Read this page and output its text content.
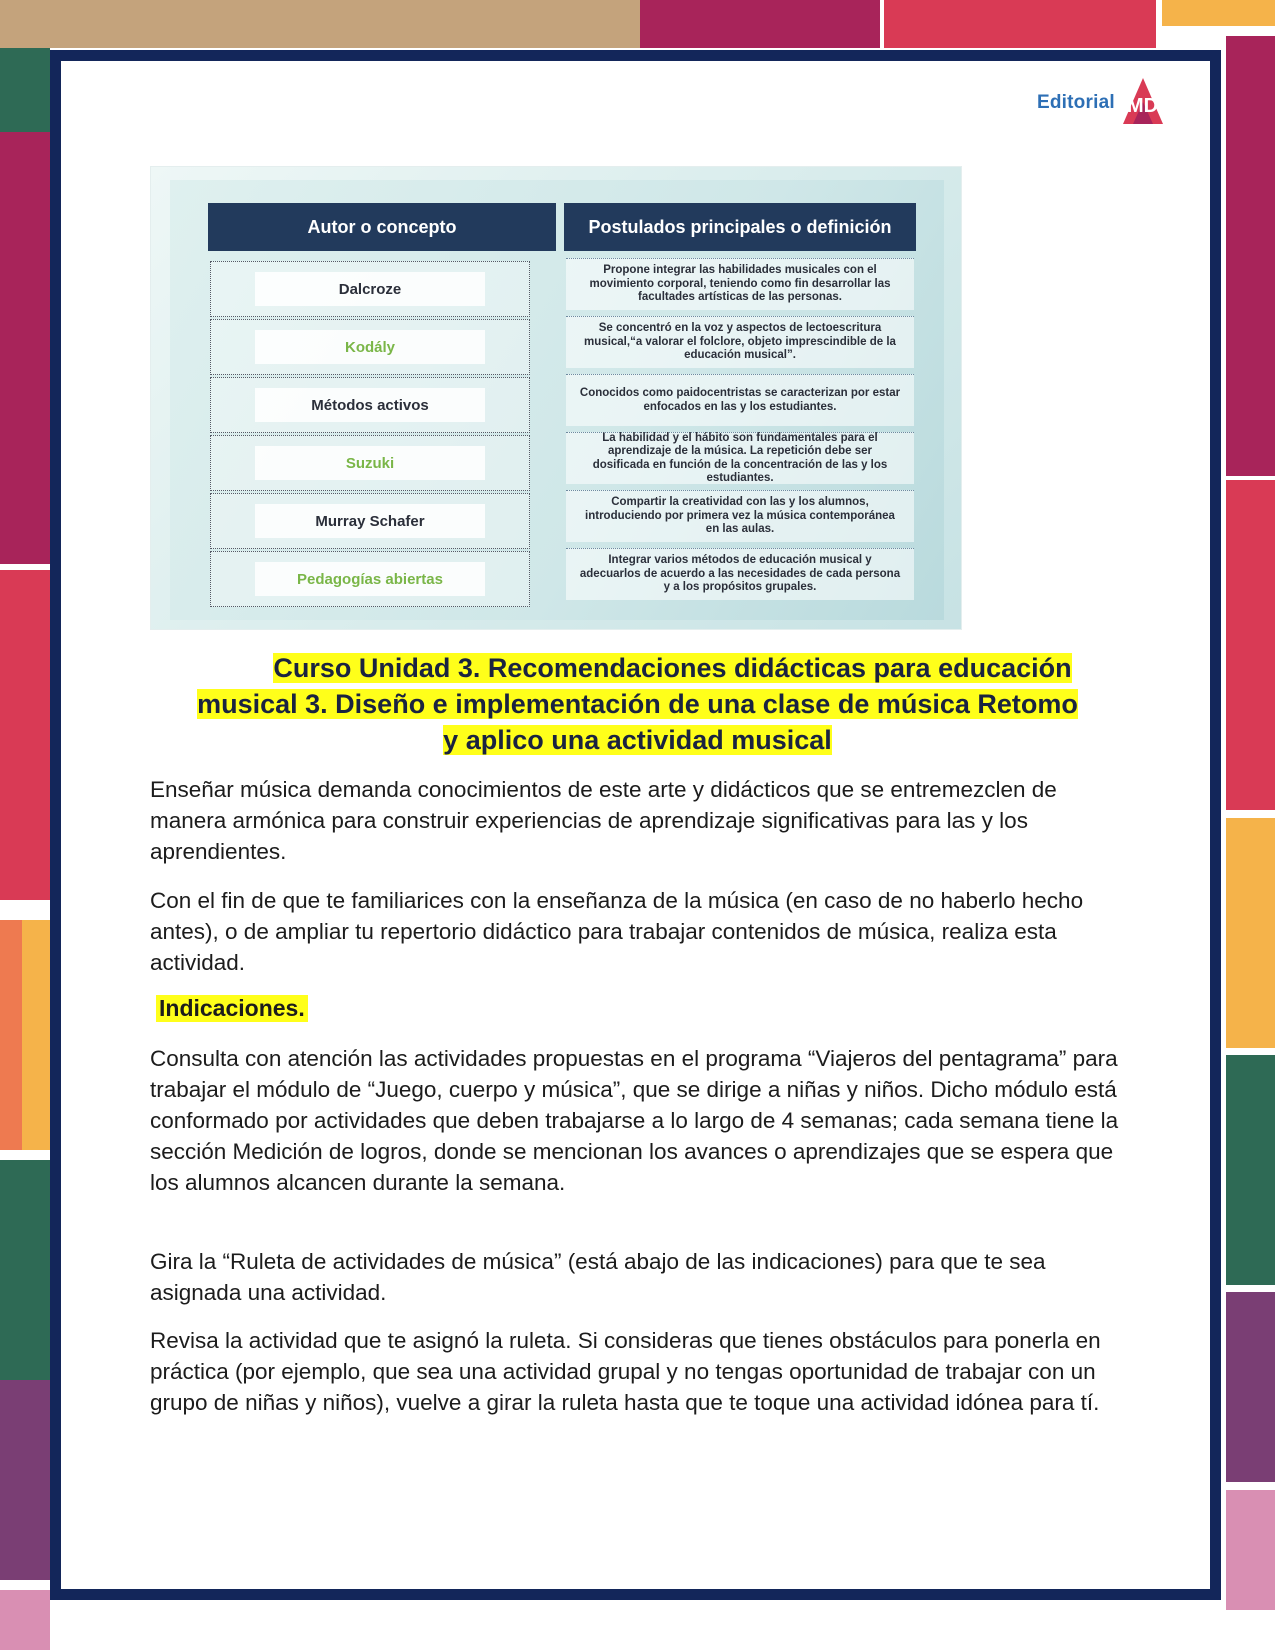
Editorial MD
Autor o concepto	Postulados principales o definición
Dalcroze
Propone integrar las habilidades musicales con el movimiento corporal, teniendo como fin desarrollar las facultades artísticas de las personas.
Kodály
Se concentró en la voz y aspectos de lectoescritura musical,“a valorar el folclore, objeto imprescindible de la educación musical”.
Métodos activos
Conocidos como paidocentristas se caracterizan por estar enfocados en las y los estudiantes.
Suzuki
La habilidad y el hábito son fundamentales para el aprendizaje de la música. La repetición debe ser dosificada en función de la concentración de las y los estudiantes.
Murray Schafer
Compartir la creatividad con las y los alumnos, introduciendo por primera vez la música contemporánea en las aulas.
Pedagogías abiertas
Integrar varios métodos de educación musical y adecuarlos de acuerdo a las necesidades de cada persona y a los propósitos grupales.
Curso Unidad 3. Recomendaciones didácticas para educación
musical 3. Diseño e implementación de una clase de música Retomo
y aplico una actividad musical

Enseñar música demanda conocimientos de este arte y didácticos que se entremezclen de manera armónica para construir experiencias de aprendizaje significativas para las y los aprendientes.

Con el fin de que te familiarices con la enseñanza de la música (en caso de no haberlo hecho antes), o de ampliar tu repertorio didáctico para trabajar contenidos de música, realiza esta actividad.

Indicaciones.

Consulta con atención las actividades propuestas en el programa “Viajeros del pentagrama” para trabajar el módulo de “Juego, cuerpo y música”, que se dirige a niñas y niños. Dicho módulo está conformado por actividades que deben trabajarse a lo largo de 4 semanas; cada semana tiene la sección Medición de logros, donde se mencionan los avances o aprendizajes que se espera que los alumnos alcancen durante la semana.

Gira la “Ruleta de actividades de música” (está abajo de las indicaciones) para que te sea asignada una actividad.

Revisa la actividad que te asignó la ruleta. Si consideras que tienes obstáculos para ponerla en práctica (por ejemplo, que sea una actividad grupal y no tengas oportunidad de trabajar con un grupo de niñas y niños), vuelve a girar la ruleta hasta que te toque una actividad idónea para tí.
